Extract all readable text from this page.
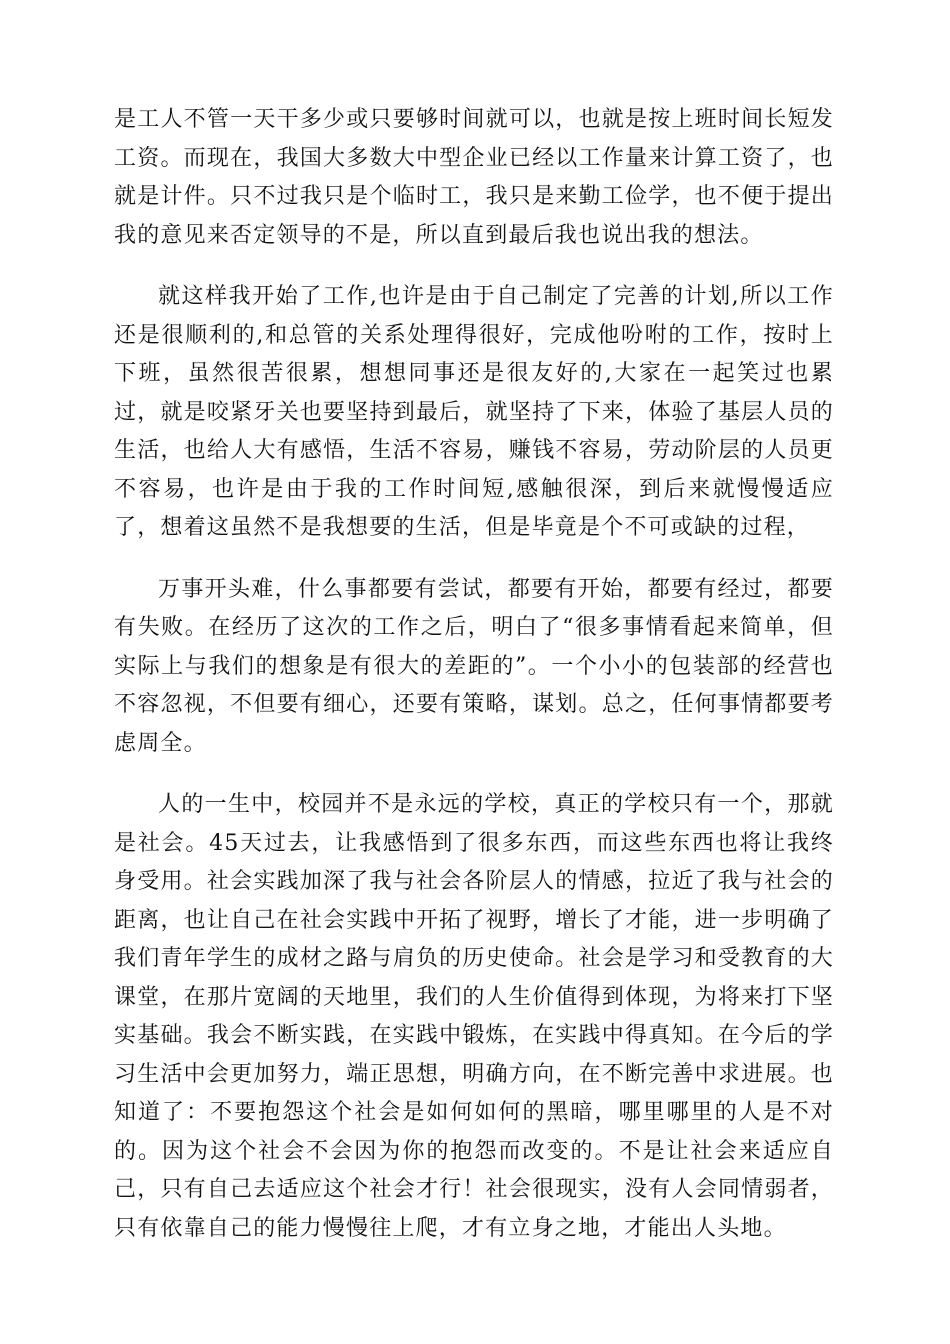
是工人不管一天干多少或只要够时间就可以，也就是按上班时间长短发工资。而现在，我国大多数大中型企业已经以工作量来计算工资了，也就是计件。只不过我只是个临时工，我只是来勤工俭学，也不便于提出我的意见来否定领导的不是，所以直到最后我也说出我的想法。

就这样我开始了工作,也许是由于自己制定了完善的计划,所以工作还是很顺利的,和总管的关系处理得很好，完成他吩咐的工作，按时上下班，虽然很苦很累，想想同事还是很友好的,大家在一起笑过也累过，就是咬紧牙关也要坚持到最后，就坚持了下来，体验了基层人员的生活，也给人大有感悟，生活不容易，赚钱不容易，劳动阶层的人员更不容易，也许是由于我的工作时间短,感触很深，到后来就慢慢适应了，想着这虽然不是我想要的生活，但是毕竟是个不可或缺的过程，

万事开头难，什么事都要有尝试，都要有开始，都要有经过，都要有失败。在经历了这次的工作之后，明白了“很多事情看起来简单，但实际上与我们的想象是有很大的差距的”。一个小小的包装部的经营也不容忽视，不但要有细心，还要有策略，谋划。总之，任何事情都要考虑周全。

人的一生中，校园并不是永远的学校，真正的学校只有一个，那就是社会。45天过去，让我感悟到了很多东西，而这些东西也将让我终身受用。社会实践加深了我与社会各阶层人的情感，拉近了我与社会的距离，也让自己在社会实践中开拓了视野，增长了才能，进一步明确了我们青年学生的成材之路与肩负的历史使命。社会是学习和受教育的大课堂，在那片宽阔的天地里，我们的人生价值得到体现，为将来打下坚实基础。我会不断实践，在实践中锻炼，在实践中得真知。在今后的学习生活中会更加努力，端正思想，明确方向，在不断完善中求进展。也知道了：不要抱怨这个社会是如何如何的黑暗，哪里哪里的人是不对的。因为这个社会不会因为你的抱怨而改变的。不是让社会来适应自己，只有自己去适应这个社会才行！社会很现实，没有人会同情弱者，只有依靠自己的能力慢慢往上爬，才有立身之地，才能出人头地。
